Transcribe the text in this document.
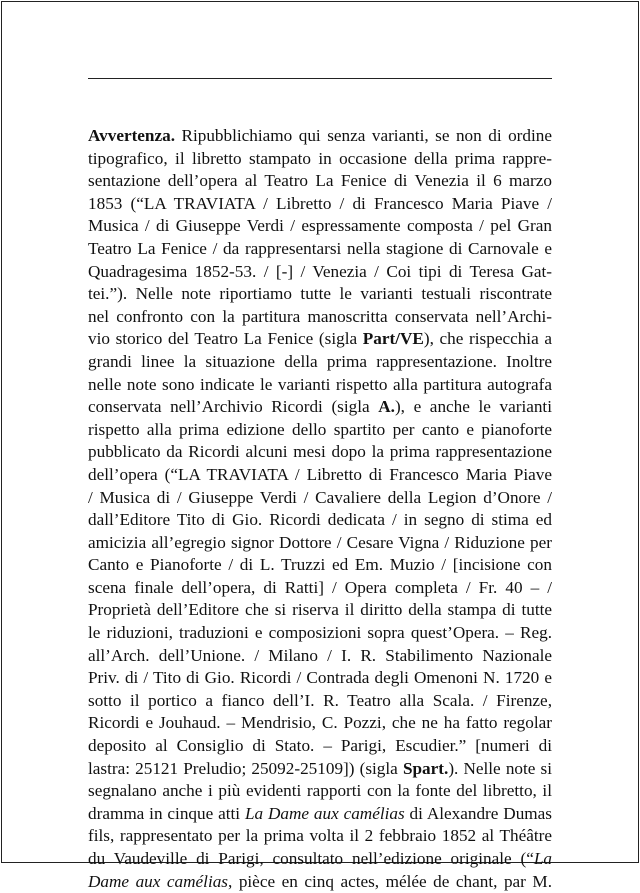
Avvertenza. Ripubblichiamo qui senza varianti, se non di ordine
tipografico, il libretto stampato in occasione della prima rappre-
sentazione dell’opera al Teatro La Fenice di Venezia il 6 marzo
1853 (“LA TRAVIATA / Libretto / di Francesco Maria Piave /
Musica / di Giuseppe Verdi / espressamente composta / pel Gran
Teatro La Fenice / da rappresentarsi nella stagione di Carnovale e
Quadragesima 1852-53. / [-] / Venezia / Coi tipi di Teresa Gat-
tei.”). Nelle note riportiamo tutte le varianti testuali riscontrate
nel confronto con la partitura manoscritta conservata nell’Archi-
vio storico del Teatro La Fenice (sigla Part/VE), che rispecchia a
grandi linee la situazione della prima rappresentazione. Inoltre
nelle note sono indicate le varianti rispetto alla partitura autografa
conservata nell’Archivio Ricordi (sigla A.), e anche le varianti
rispetto alla prima edizione dello spartito per canto e pianoforte
pubblicato da Ricordi alcuni mesi dopo la prima rappresentazione
dell’opera (“LA TRAVIATA / Libretto di Francesco Maria Piave
/ Musica di / Giuseppe Verdi / Cavaliere della Legion d’Onore /
dall’Editore Tito di Gio. Ricordi dedicata / in segno di stima ed
amicizia all’egregio signor Dottore / Cesare Vigna / Riduzione per
Canto e Pianoforte / di L. Truzzi ed Em. Muzio / [incisione con
scena finale dell’opera, di Ratti] / Opera completa / Fr. 40 – /
Proprietà dell’Editore che si riserva il diritto della stampa di tutte
le riduzioni, traduzioni e composizioni sopra quest’Opera. – Reg.
all’Arch. dell’Unione. / Milano / I. R. Stabilimento Nazionale
Priv. di / Tito di Gio. Ricordi / Contrada degli Omenoni N. 1720 e
sotto il portico a fianco dell’I. R. Teatro alla Scala. / Firenze,
Ricordi e Jouhaud. – Mendrisio, C. Pozzi, che ne ha fatto regolar
deposito al Consiglio di Stato. – Parigi, Escudier.” [numeri di
lastra: 25121 Preludio; 25092-25109]) (sigla Spart.). Nelle note si
segnalano anche i più evidenti rapporti con la fonte del libretto, il
dramma in cinque atti La Dame aux camélias di Alexandre Dumas
fils, rappresentato per la prima volta il 2 febbraio 1852 al Théâtre
du Vaudeville di Parigi, consultato nell’edizione originale (“La
Dame aux camélias, pièce en cinq actes, mélée de chant, par M.
